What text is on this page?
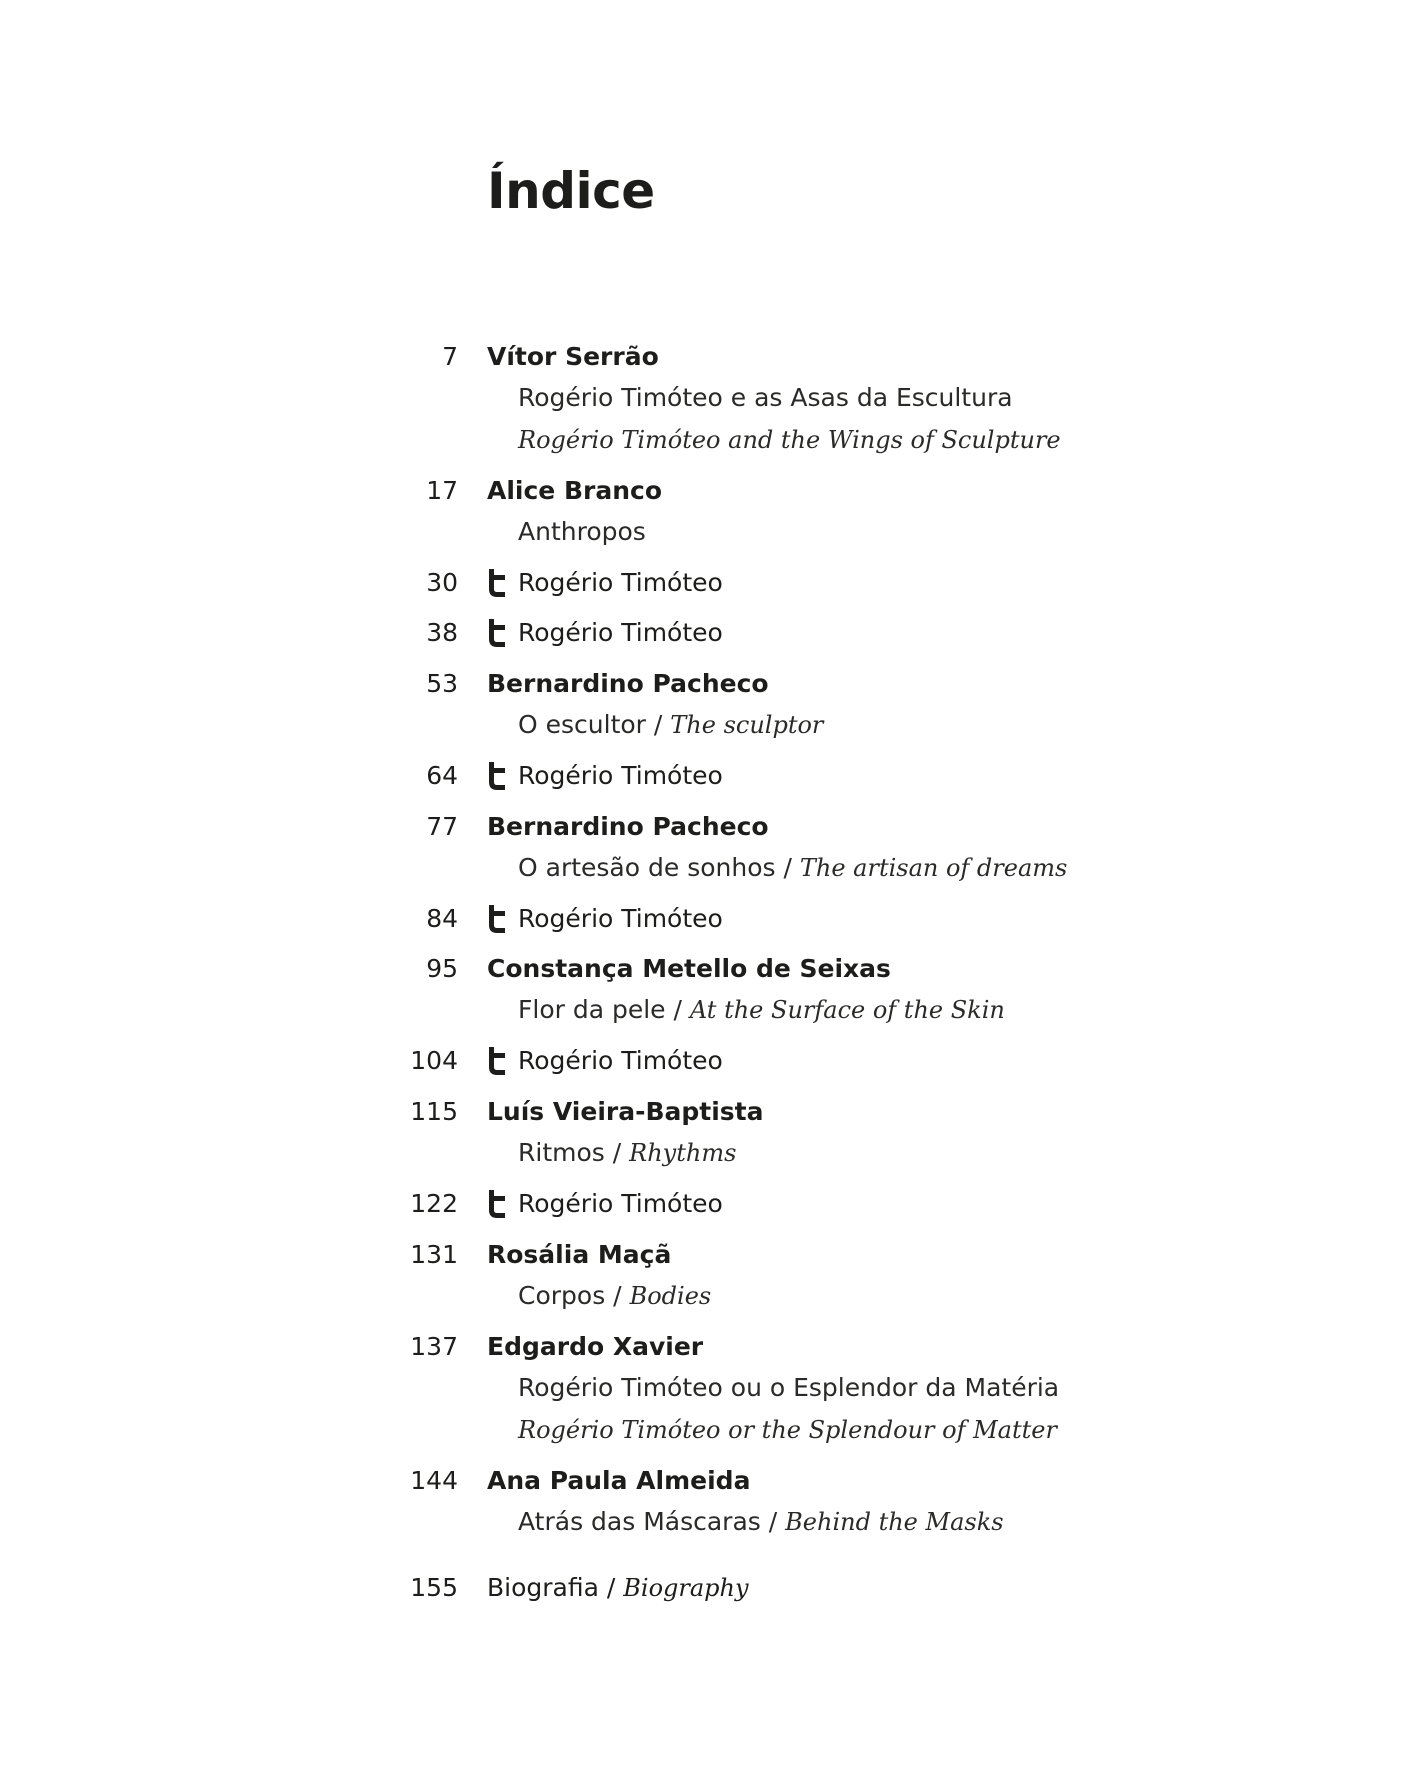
Índice
7 Vítor Serrão
Rogério Timóteo e as Asas da Escultura
Rogério Timóteo and the Wings of Sculpture
17 Alice Branco
Anthropos
30 Rogério Timóteo
38 Rogério Timóteo
53 Bernardino Pacheco
O escultor / The sculptor
64 Rogério Timóteo
77 Bernardino Pacheco
O artesão de sonhos / The artisan of dreams
84 Rogério Timóteo
95 Constança Metello de Seixas
Flor da pele / At the Surface of the Skin
104 Rogério Timóteo
115 Luís Vieira-Baptista
Ritmos / Rhythms
122 Rogério Timóteo
131 Rosália Maçã
Corpos / Bodies
137 Edgardo Xavier
Rogério Timóteo ou o Esplendor da Matéria
Rogério Timóteo or the Splendour of Matter
144 Ana Paula Almeida
Atrás das Máscaras / Behind the Masks
155 Biografia / Biography
